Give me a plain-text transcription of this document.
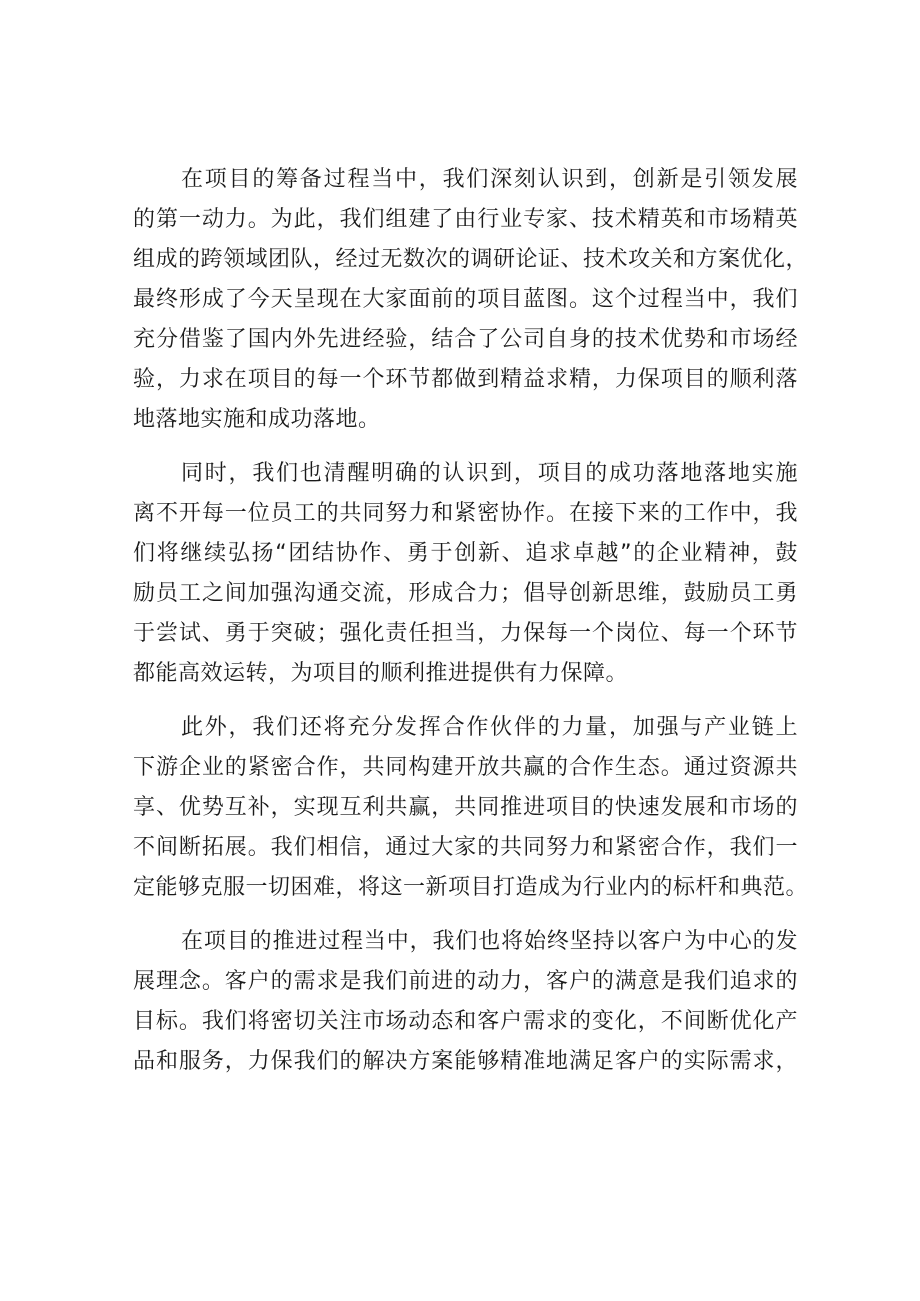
在项目的筹备过程当中，我们深刻认识到，创新是引领发展
的第一动力。为此，我们组建了由行业专家、技术精英和市场精英
组成的跨领域团队，经过无数次的调研论证、技术攻关和方案优化，
最终形成了今天呈现在大家面前的项目蓝图。这个过程当中，我们
充分借鉴了国内外先进经验，结合了公司自身的技术优势和市场经
验，力求在项目的每一个环节都做到精益求精，力保项目的顺利落
地落地实施和成功落地。
同时，我们也清醒明确的认识到，项目的成功落地落地实施
离不开每一位员工的共同努力和紧密协作。在接下来的工作中，我
们将继续弘扬“团结协作、勇于创新、追求卓越”的企业精神，鼓
励员工之间加强沟通交流，形成合力；倡导创新思维，鼓励员工勇
于尝试、勇于突破；强化责任担当，力保每一个岗位、每一个环节
都能高效运转，为项目的顺利推进提供有力保障。
此外，我们还将充分发挥合作伙伴的力量，加强与产业链上
下游企业的紧密合作，共同构建开放共赢的合作生态。通过资源共
享、优势互补，实现互利共赢，共同推进项目的快速发展和市场的
不间断拓展。我们相信，通过大家的共同努力和紧密合作，我们一
定能够克服一切困难，将这一新项目打造成为行业内的标杆和典范。
在项目的推进过程当中，我们也将始终坚持以客户为中心的发
展理念。客户的需求是我们前进的动力，客户的满意是我们追求的
目标。我们将密切关注市场动态和客户需求的变化，不间断优化产
品和服务，力保我们的解决方案能够精准地满足客户的实际需求，
